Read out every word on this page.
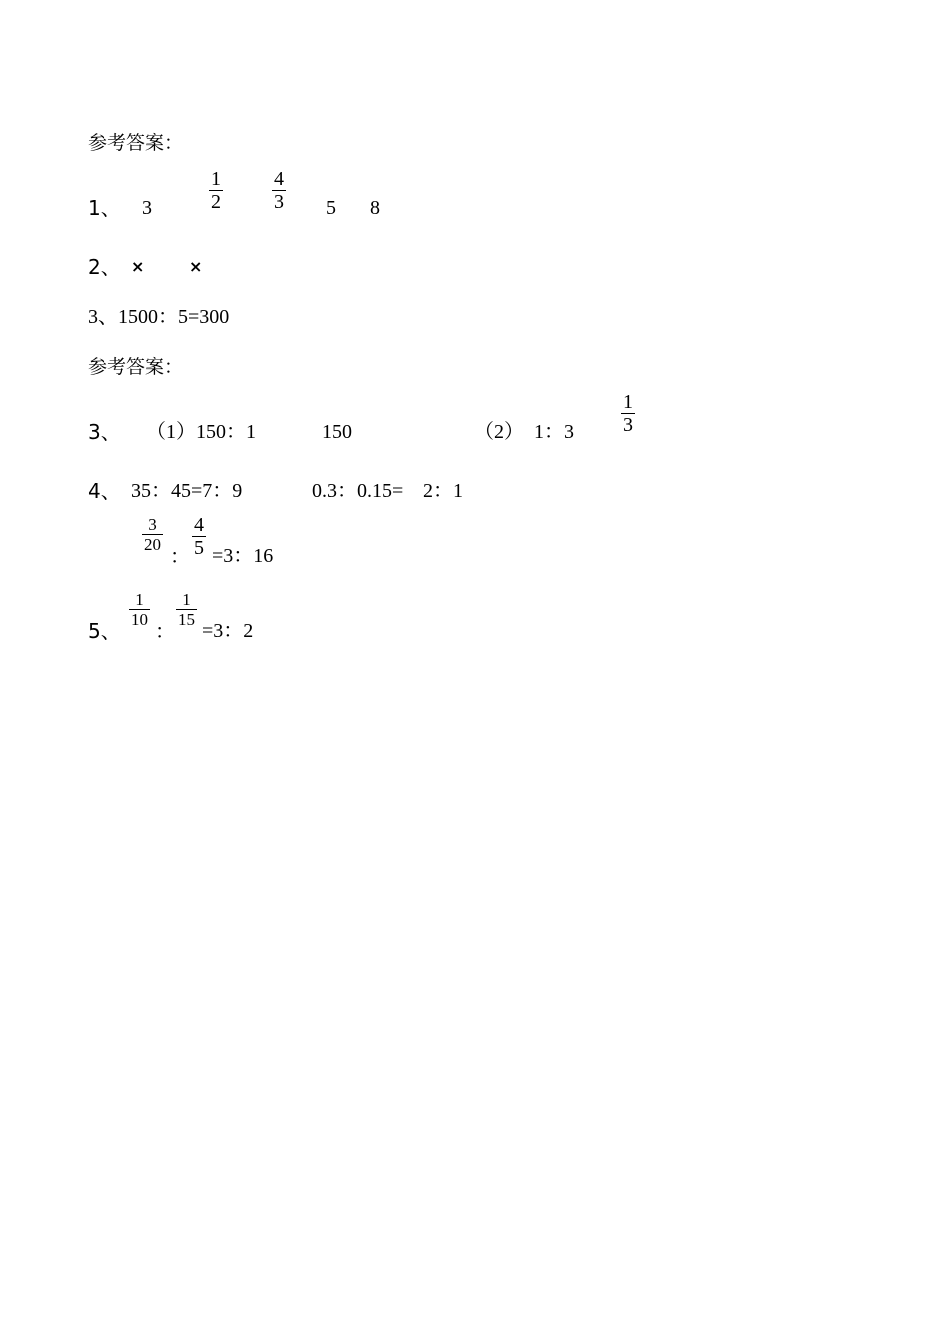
参考答案：
1、 3	$\frac{1}{2} \frac{4}{3} 5$ 8
2、 ×	×
3、1500：5=300
参考答案：
3、 （1）150：1	150	（2） 1：$3 \frac{1}{3}$
4、 35：45=7：9	0.3：0.15= 2：1
$\frac{3}{20}$
： $\frac{4}{5} =3$：16
5、
$\frac{1}{10}$
：
$\frac{1}{15}$
=3：2
